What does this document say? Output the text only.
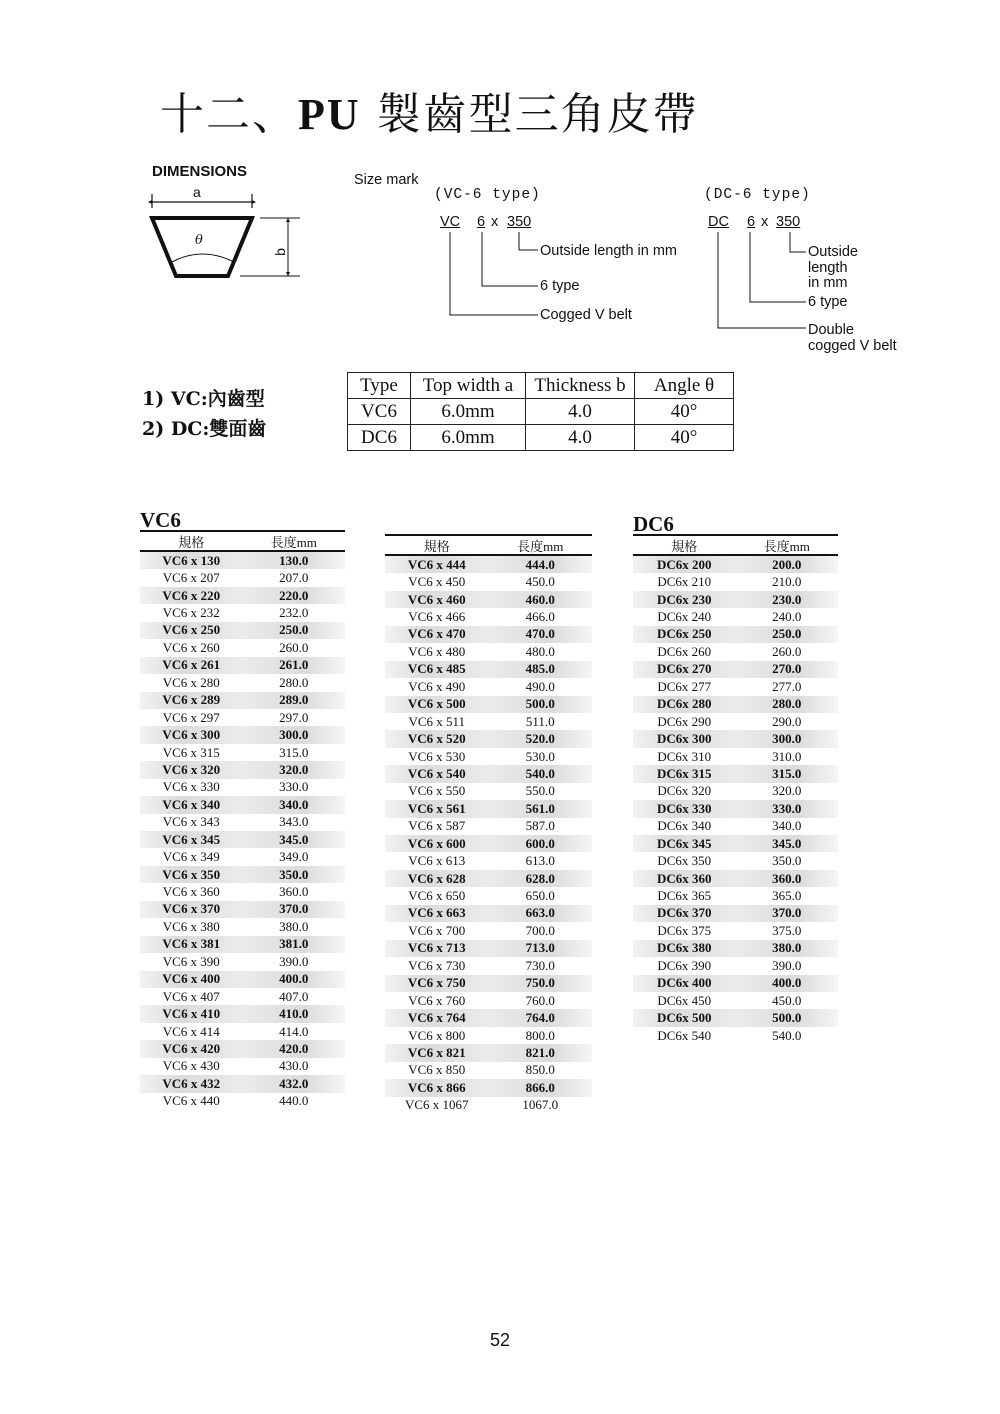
十二、PU 製齒型三角皮帶
DIMENSIONS
a
θ
b
Size mark
(VC-6 type)
VC 6 x 350
Outside length in mm
6 type
Cogged V belt
(DC-6 type)
DC 6 x 350
Outside
length
in mm
6 type
Double
cogged V belt
1) VC:內齒型
2) DC:雙面齒
Type	Top width a	Thickness b	Angle θ
VC6	6.0mm	4.0	40°
DC6	6.0mm	4.0	40°
VC6
規格	長度mm
VC6 x 130	130.0
VC6 x 207	207.0
VC6 x 220	220.0
VC6 x 232	232.0
VC6 x 250	250.0
VC6 x 260	260.0
VC6 x 261	261.0
VC6 x 280	280.0
VC6 x 289	289.0
VC6 x 297	297.0
VC6 x 300	300.0
VC6 x 315	315.0
VC6 x 320	320.0
VC6 x 330	330.0
VC6 x 340	340.0
VC6 x 343	343.0
VC6 x 345	345.0
VC6 x 349	349.0
VC6 x 350	350.0
VC6 x 360	360.0
VC6 x 370	370.0
VC6 x 380	380.0
VC6 x 381	381.0
VC6 x 390	390.0
VC6 x 400	400.0
VC6 x 407	407.0
VC6 x 410	410.0
VC6 x 414	414.0
VC6 x 420	420.0
VC6 x 430	430.0
VC6 x 432	432.0
VC6 x 440	440.0
規格	長度mm
VC6 x 444	444.0
VC6 x 450	450.0
VC6 x 460	460.0
VC6 x 466	466.0
VC6 x 470	470.0
VC6 x 480	480.0
VC6 x 485	485.0
VC6 x 490	490.0
VC6 x 500	500.0
VC6 x 511	511.0
VC6 x 520	520.0
VC6 x 530	530.0
VC6 x 540	540.0
VC6 x 550	550.0
VC6 x 561	561.0
VC6 x 587	587.0
VC6 x 600	600.0
VC6 x 613	613.0
VC6 x 628	628.0
VC6 x 650	650.0
VC6 x 663	663.0
VC6 x 700	700.0
VC6 x 713	713.0
VC6 x 730	730.0
VC6 x 750	750.0
VC6 x 760	760.0
VC6 x 764	764.0
VC6 x 800	800.0
VC6 x 821	821.0
VC6 x 850	850.0
VC6 x 866	866.0
VC6 x 1067	1067.0
DC6
規格	長度mm
DC6x 200	200.0
DC6x 210	210.0
DC6x 230	230.0
DC6x 240	240.0
DC6x 250	250.0
DC6x 260	260.0
DC6x 270	270.0
DC6x 277	277.0
DC6x 280	280.0
DC6x 290	290.0
DC6x 300	300.0
DC6x 310	310.0
DC6x 315	315.0
DC6x 320	320.0
DC6x 330	330.0
DC6x 340	340.0
DC6x 345	345.0
DC6x 350	350.0
DC6x 360	360.0
DC6x 365	365.0
DC6x 370	370.0
DC6x 375	375.0
DC6x 380	380.0
DC6x 390	390.0
DC6x 400	400.0
DC6x 450	450.0
DC6x 500	500.0
DC6x 540	540.0
52
